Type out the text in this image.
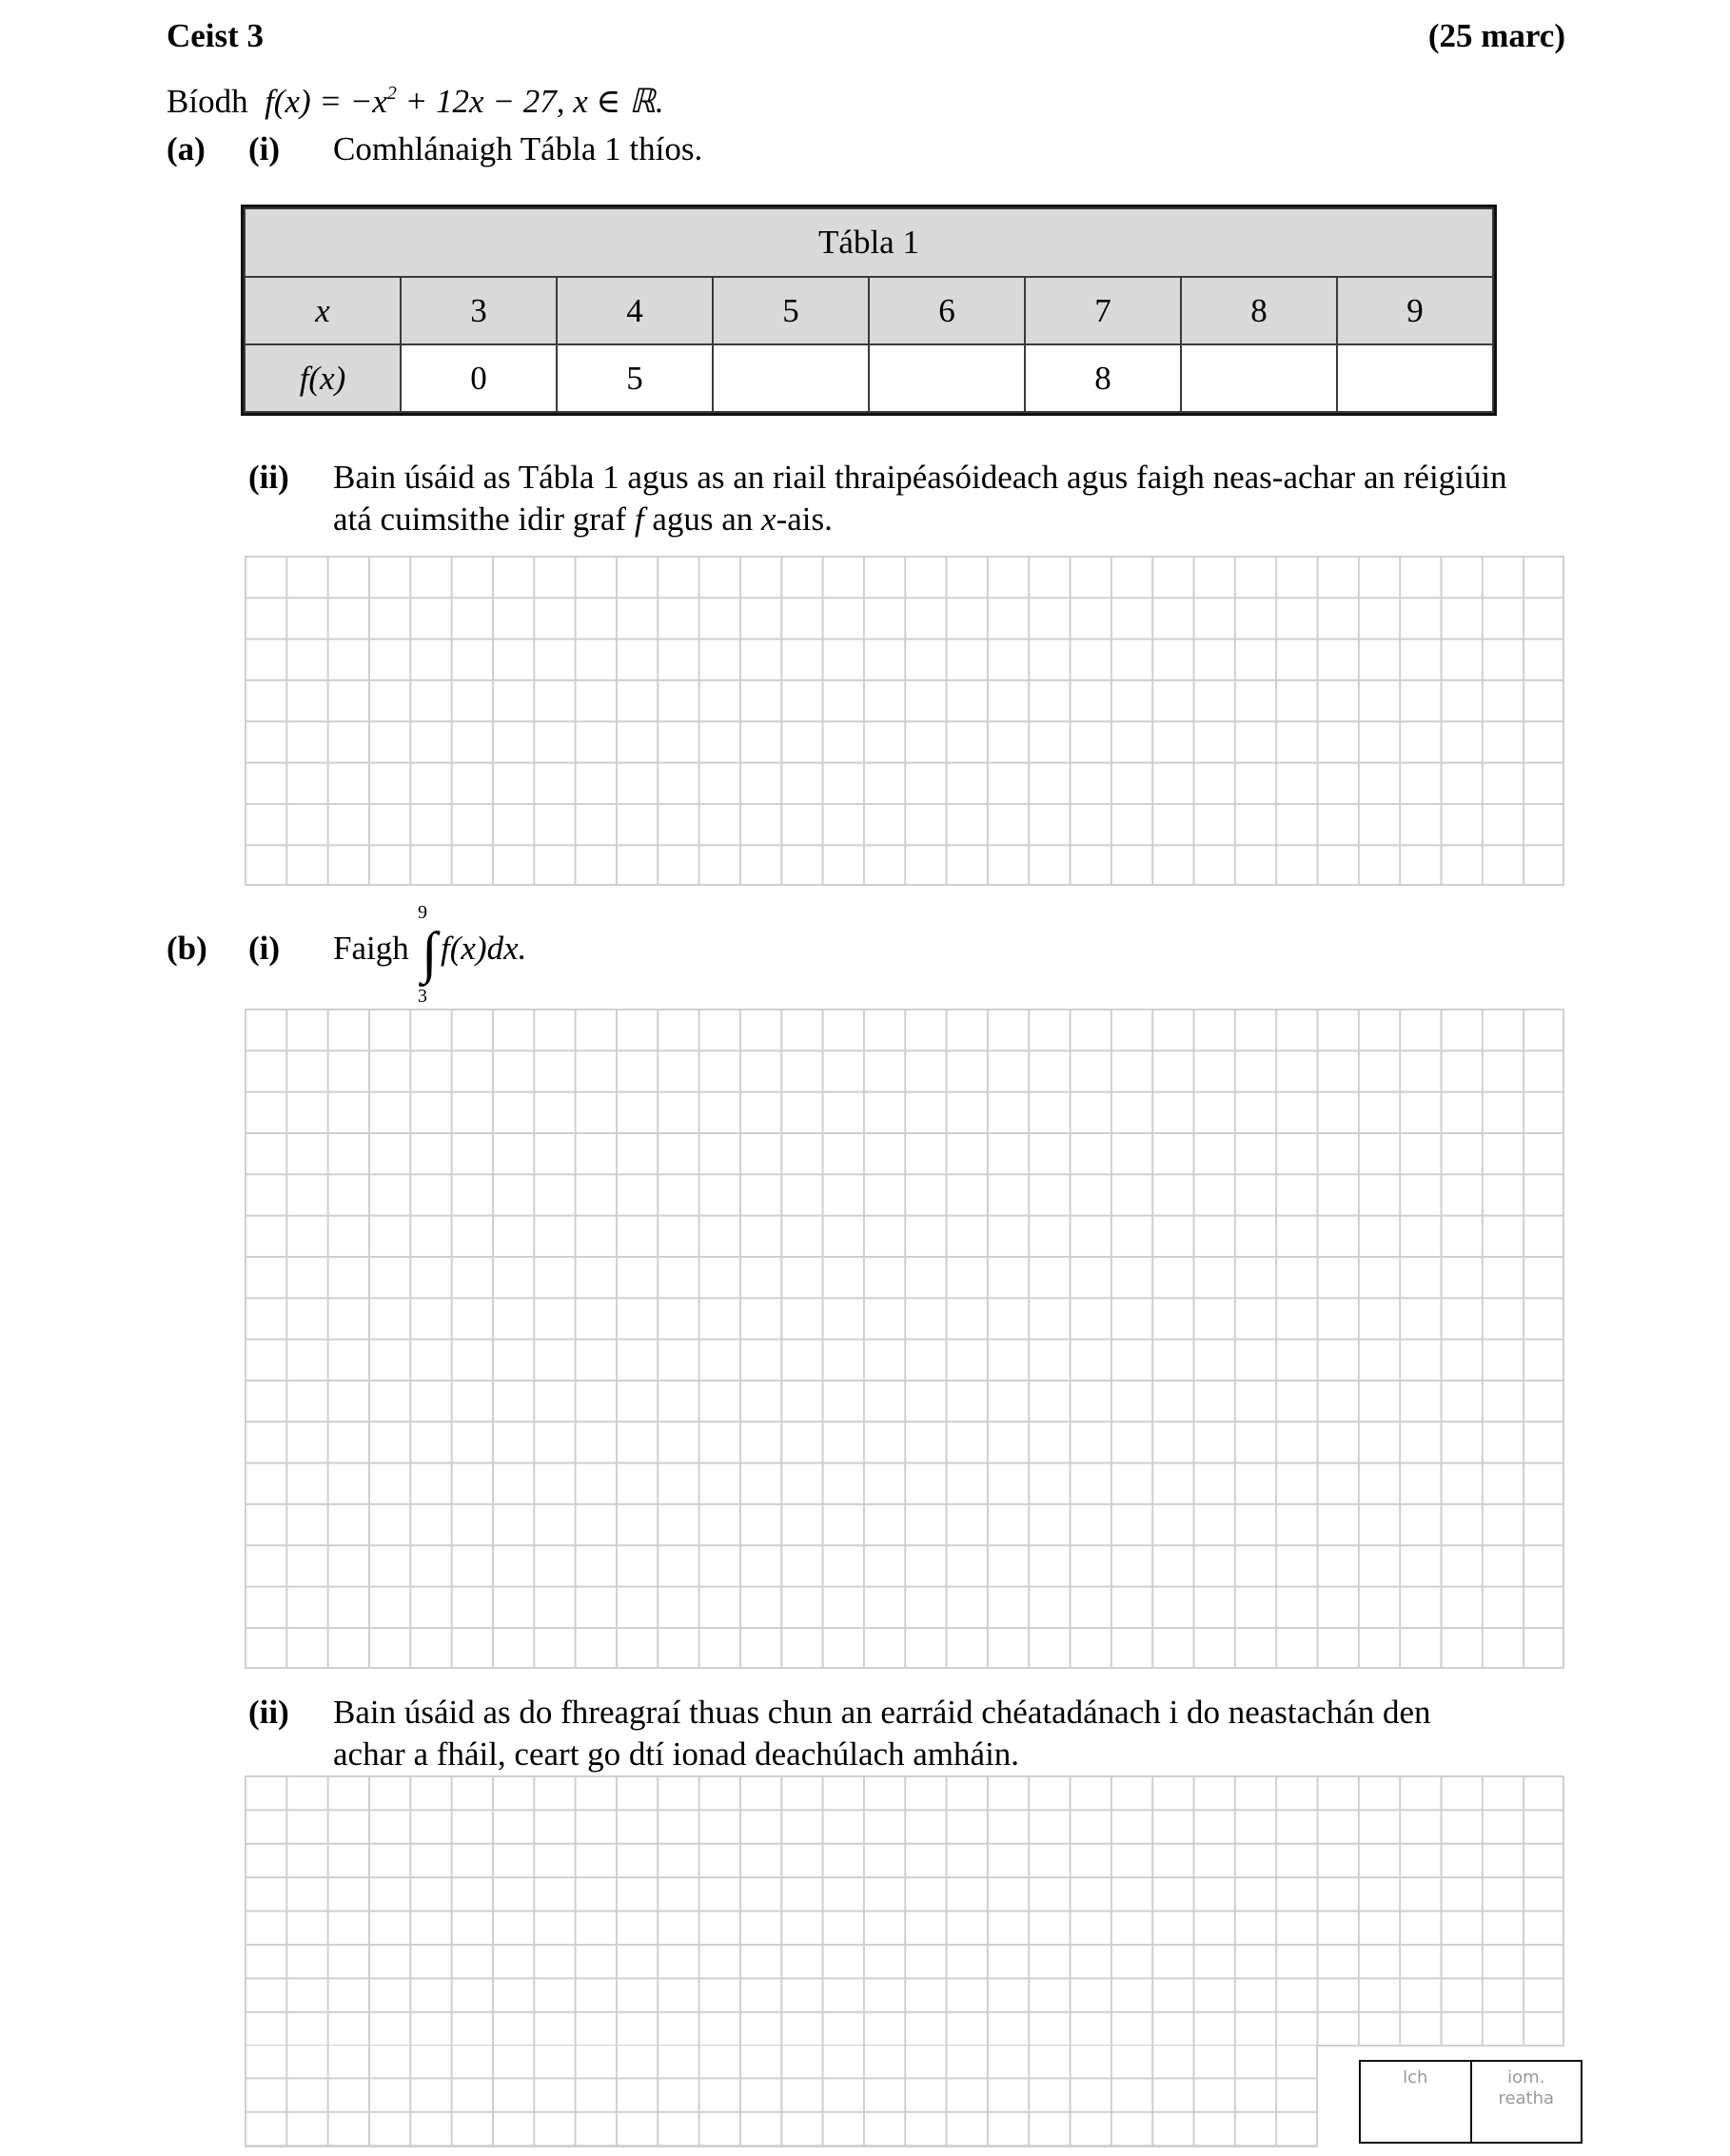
Ceist 3	(25 marc)
Bíodh $f(x) = -x^2 + 12x - 27$, x ∈ ℝ.
(a) (i) Comhlánaigh Tábla 1 thíos.
Tábla 1							
x	3	4	5	6	7	8	9
f(x)	0	5			8		
(ii) Bain úsáid as Tábla 1 agus as an riail thraipéasóideach agus faigh neas-achar an réigiúin
atá cuimsithe idir graf f agus an x-ais.
(b) (i) Faigh
9
∫
3
f(x)dx.
(ii) Bain úsáid as do fhreagraí thuas chun an earráid chéatadánach i do neastachán den
achar a fháil, ceart go dtí ionad deachúlach amháin.
lch	iom.
reatha
